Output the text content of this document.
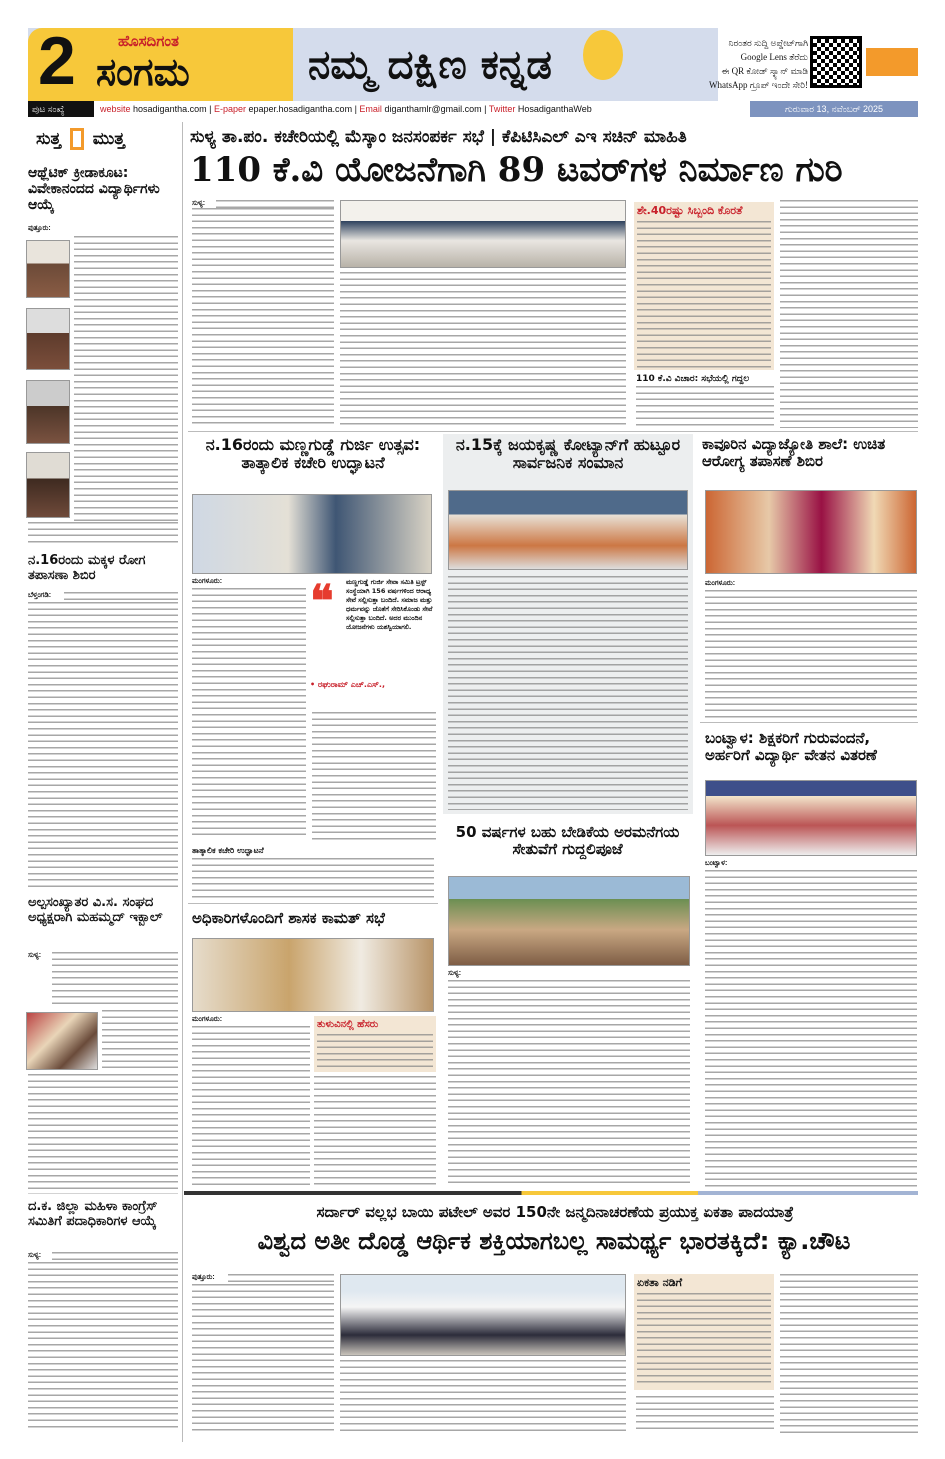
2	ಹೊಸದಿಗಂತ
ಸಂಗಮ	ನಮ್ಮ ದಕ್ಷಿಣ ಕನ್ನಡ	ನಿರಂತರ ಸುದ್ದಿ ಅಪ್ಡೇಟ್‌ಗಾಗಿ
Google Lens ತೆರೆದು
ಈ QR ಕೋಡ್ ಸ್ಕ್ಯಾನ್ ಮಾಡಿ
WhatsApp ಗ್ರೂಪ್ ಇಂದೇ ಸೇರಿ!
ಪುಟ ಸಂಖ್ಯೆ	website hosadigantha.com | E-paper epaper.hosadigantha.com | Email diganthamlr@gmail.com | Twitter HosadiganthaWeb	ಗುರುವಾರ 13, ನವೆಂಬರ್ 2025
ಸುತ್ತ ಮುತ್ತ
ಆಥ್ಲೆಟಿಕ್ ಕ್ರೀಡಾಕೂಟ: ವಿವೇಕಾನಂದದ ವಿದ್ಯಾರ್ಥಿಗಳು ಆಯ್ಕೆ
ಪುತ್ತೂರು:
ನ.16ರಂದು ಮಕ್ಕಳ ರೋಗ ತಪಾಸಣಾ ಶಿಬಿರ
ಬೆಳ್ತಂಗಡಿ:
ಅಲ್ಪಸಂಖ್ಯಾತರ ವಿ.ಸ. ಸಂಘದ ಅಧ್ಯಕ್ಷರಾಗಿ ಮಹಮ್ಮದ್ ಇಕ್ಬಾಲ್
ಸುಳ್ಯ:
ದ.ಕ. ಜಿಲ್ಲಾ ಮಹಿಳಾ ಕಾಂಗ್ರೆಸ್ ಸಮಿತಿಗೆ ಪದಾಧಿಕಾರಿಗಳ ಆಯ್ಕೆ
ಸುಳ್ಯ:
ಸುಳ್ಯ ತಾ.ಪಂ. ಕಚೇರಿಯಲ್ಲಿ ಮೆಸ್ಕಾಂ ಜನಸಂಪರ್ಕ ಸಭೆ | ಕೆಪಿಟಿಸಿಎಲ್ ಎಇ ಸಚಿನ್ ಮಾಹಿತಿ
110 ಕೆ.ವಿ ಯೋಜನೆಗಾಗಿ 89 ಟವರ್‌ಗಳ ನಿರ್ಮಾಣ ಗುರಿ
ಸುಳ್ಯ:
ಶೇ.40ರಷ್ಟು ಸಿಬ್ಬಂದಿ ಕೊರತೆ
110 ಕೆ.ವಿ ವಿಚಾರ: ಸಭೆಯಲ್ಲಿ ಗದ್ದಲ
ನ.16ರಂದು ಮಣ್ಣಗುಡ್ಡೆ ಗುರ್ಜಿ ಉತ್ಸವ: ತಾತ್ಕಾಲಿಕ ಕಚೇರಿ ಉದ್ಘಾಟನೆ
ಮಂಗಳೂರು: ❝ ಮಣ್ಣಗುಡ್ಡೆ ಗುರ್ಜಿ ಸೇವಾ ಸಮಿತಿ ಟ್ರಸ್ಟ್ ಸಂಸ್ಥೆಯಾಗಿ 156 ವರ್ಷಗಳಿಂದ ಆರಾಧ್ಯ ಸೇವೆ ಸಲ್ಲಿಸುತ್ತಾ ಬಂದಿದೆ. ಸಮಾಜ ಮತ್ತು ಧರ್ಮವನ್ನು ಜೊತೆಗೆ ಸೇರಿಸಿಕೊಂಡು ಸೇವೆ ಸಲ್ಲಿಸುತ್ತಾ ಬಂದಿದೆ. ಅದರ ಮುಂದಿನ ಯೋಜನೆಗಳು ಯಶಸ್ವಿಯಾಗಲಿ.
• ರಘುರಾಮ್ ಎಚ್.ಎಸ್.,
ತಾತ್ಕಾಲಿಕ ಕಚೇರಿ ಉದ್ಘಾಟನೆ
ನ.15ಕ್ಕೆ ಜಯಕೃಷ್ಣ ಕೋಟ್ಯಾನ್‌ಗೆ ಹುಟ್ಟೂರ ಸಾರ್ವಜನಿಕ ಸಂಮಾನ
ಕಾವೂರಿನ ವಿದ್ಯಾಜ್ಯೋತಿ ಶಾಲೆ: ಉಚಿತ ಆರೋಗ್ಯ ತಪಾಸಣೆ ಶಿಬಿರ
ಮಂಗಳೂರು:
ಬಂಟ್ವಾಳ: ಶಿಕ್ಷಕರಿಗೆ ಗುರುವಂದನೆ, ಅರ್ಹರಿಗೆ ವಿದ್ಯಾರ್ಥಿ ವೇತನ ವಿತರಣೆ
ಬಂಟ್ವಾಳ:
50 ವರ್ಷಗಳ ಬಹು ಬೇಡಿಕೆಯ ಅರಮನೆಗಯ ಸೇತುವೆಗೆ ಗುದ್ದಲಿಪೂಜೆ
ಸುಳ್ಯ:
ಅಧಿಕಾರಿಗಳೊಂದಿಗೆ ಶಾಸಕ ಕಾಮತ್ ಸಭೆ
ಮಂಗಳೂರು:	ತುಳುವಿನಲ್ಲಿ ಹೆಸರು
ಸರ್ದಾರ್ ವಲ್ಲಭ ಬಾಯಿ ಪಟೇಲ್ ಅವರ 150ನೇ ಜನ್ಮದಿನಾಚರಣೆಯ ಪ್ರಯುಕ್ತ ಏಕತಾ ಪಾದಯಾತ್ರೆ
ವಿಶ್ವದ ಅತೀ ದೊಡ್ಡ ಆರ್ಥಿಕ ಶಕ್ತಿಯಾಗಬಲ್ಲ ಸಾಮರ್ಥ್ಯ ಭಾರತಕ್ಕಿದೆ: ಕ್ಯಾ.ಚೌಟ
ಪುತ್ತೂರು:	ಏಕತಾ ನಡಿಗೆ
